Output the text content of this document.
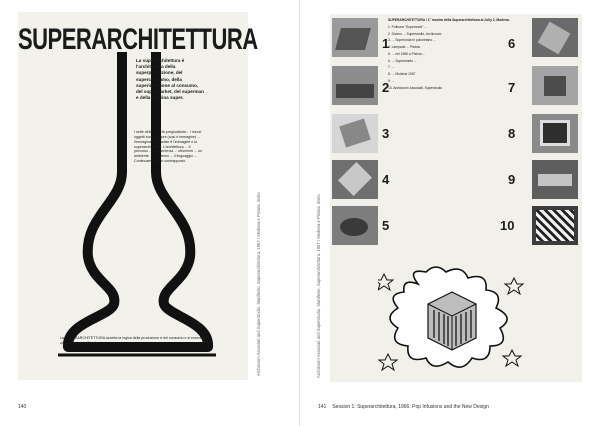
SUPERARCHITETTURA
La superarchitettura è l'architettura della superproduzione, del superconsumo, della superinduzione al consumo, del supermarket, del superman e della benzina super.
I sette della società pregiudiziale... I mezzi oggetti sono sempre (così è immagine) ... l'immaginario spaziale è l'immagine e la superarchitettura. L'architettura ... Il percorso ... L'esperienza ... strumenti ... un ambiente ... all'interno ... il linguaggio ... Continuamente un contrapposto.
La SUPERARCHITETTURA accetta la logica della produzione e del consumo e si esercita un'azione demistificante.	Archizoom Associati and Superstudio, Manifesto, Superarchitettura, 1967 / Modena e Pistoia, invito
140
1
2
3
4
5
6
7
8
9
10

SUPERARCHITETTURA / 1° mostra della Superarchitettura al Jolly 2, Modena.

1. Poltrona "Superonda" ...

2. Divano ... Superstudio, Archizoom

3. ... Superonda in poliuretano ...

4. Lampade ... Pistoia

5. ... nel 1966 a Pistoia ...

6. ... Superstudio ...

7. ...

8. ... Modena 1967

9. ...

10. Archizoom Associati, Superstudio

Archizoom Associati and Superstudio, Manifesto, Superarchitettura, 1967 / Modena e Pistoia, invito
141 Session 1: Superarchitettura, 1966: Pop Infusions and the New Design
